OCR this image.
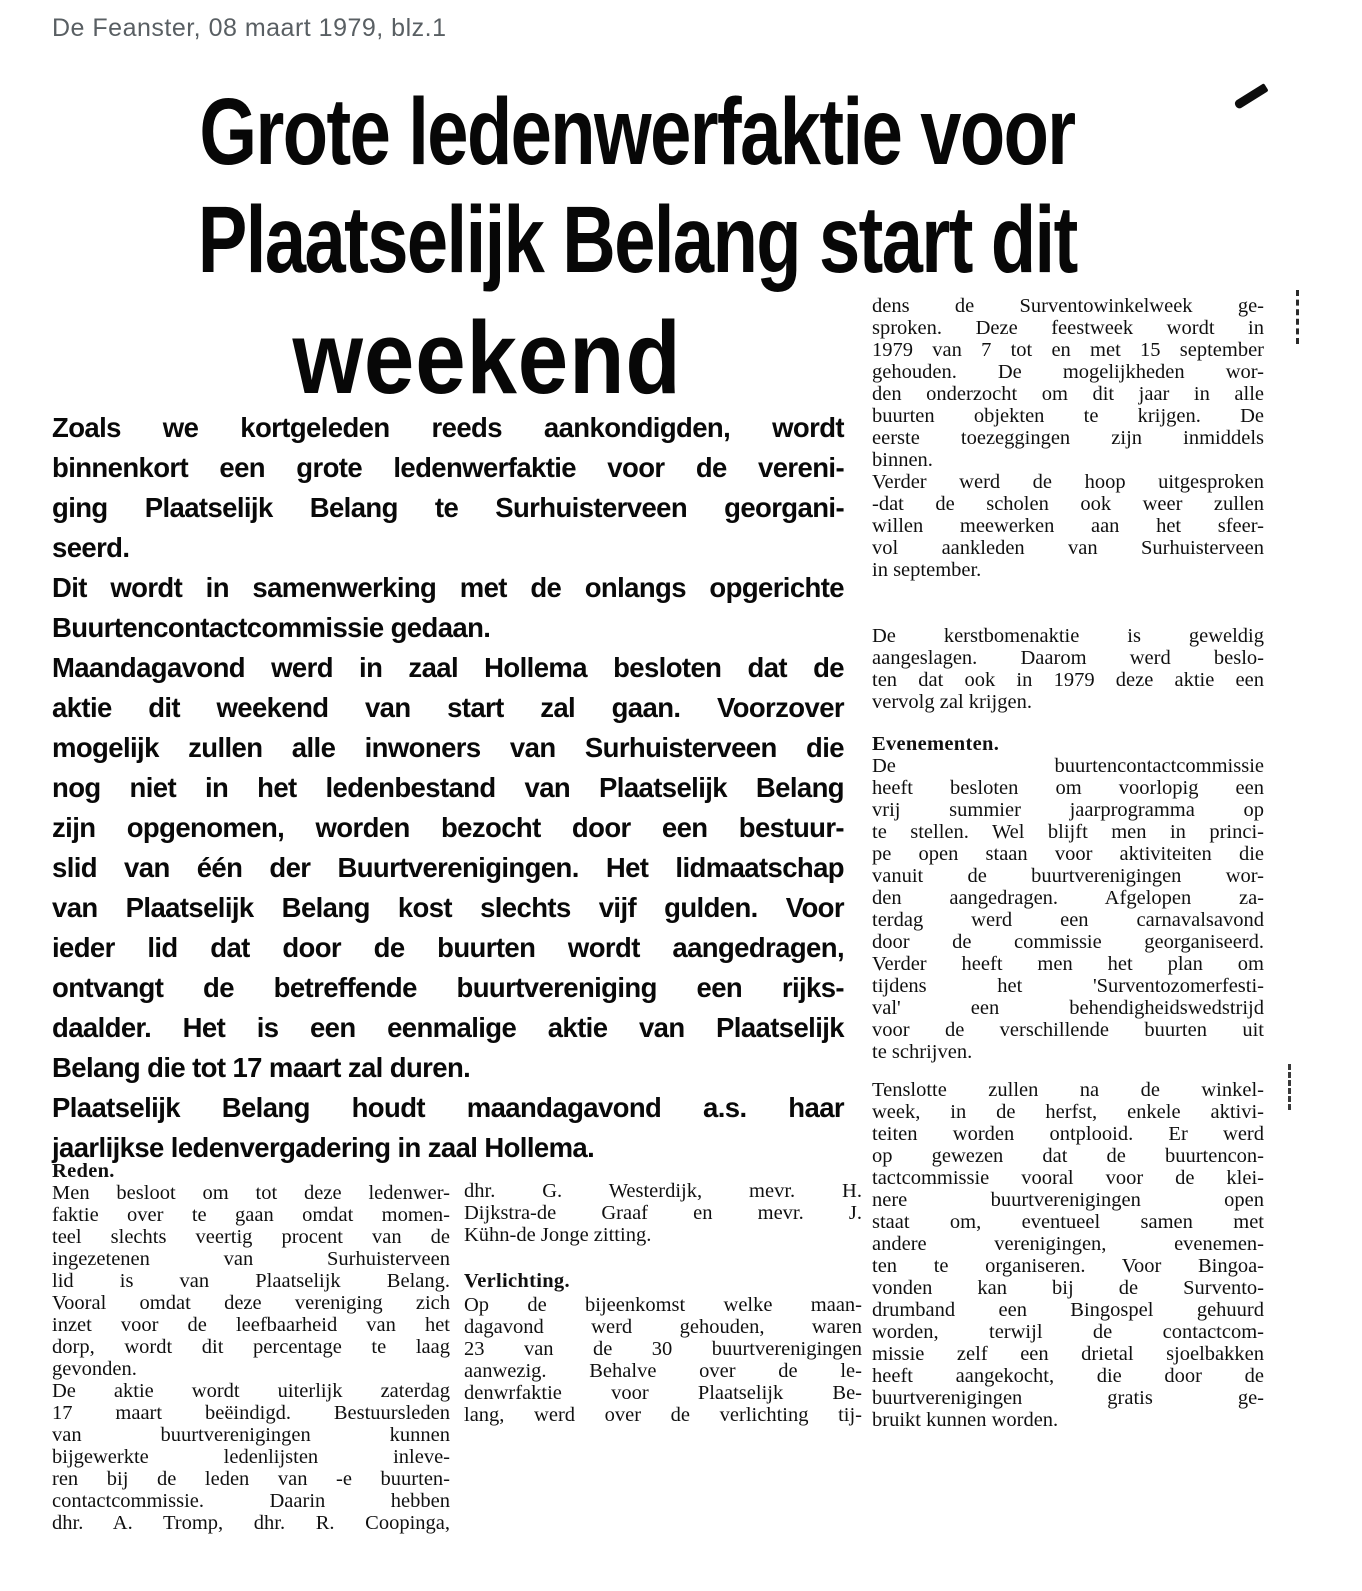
De Feanster, 08 maart 1979, blz.1
Grote ledenwerfaktie voor
Plaatselijk Belang start dit
weekend
Zoals we kortgeleden reeds aankondigden, wordt
binnenkort een grote ledenwerfaktie voor de vereni-
ging Plaatselijk Belang te Surhuisterveen georgani-
seerd.
Dit wordt in samenwerking met de onlangs opgerichte
Buurtencontactcommissie gedaan.
Maandagavond werd in zaal Hollema besloten dat de
aktie dit weekend van start zal gaan. Voorzover
mogelijk zullen alle inwoners van Surhuisterveen die
nog niet in het ledenbestand van Plaatselijk Belang
zijn opgenomen, worden bezocht door een bestuur-
slid van één der Buurtverenigingen. Het lidmaatschap
van Plaatselijk Belang kost slechts vijf gulden. Voor
ieder lid dat door de buurten wordt aangedragen,
ontvangt de betreffende buurtvereniging een rijks-
daalder. Het is een eenmalige aktie van Plaatselijk
Belang die tot 17 maart zal duren.
Plaatselijk Belang houdt maandagavond a.s. haar
jaarlijkse ledenvergadering in zaal Hollema.
Reden.
Men besloot om tot deze ledenwer-
faktie over te gaan omdat momen-
teel slechts veertig procent van de
ingezetenen van Surhuisterveen
lid is van Plaatselijk Belang.
Vooral omdat deze vereniging zich
inzet voor de leefbaarheid van het
dorp, wordt dit percentage te laag
gevonden.
De aktie wordt uiterlijk zaterdag
17 maart beëindigd. Bestuursleden
van buurtverenigingen kunnen
bijgewerkte ledenlijsten inleve-
ren bij de leden van -e buurten-
contactcommissie. Daarin hebben
dhr. A. Tromp, dhr. R. Coopinga,
dhr. G. Westerdijk, mevr. H.
Dijkstra-de Graaf en mevr. J.
Kühn-de Jonge zitting.
Verlichting.
Op de bijeenkomst welke maan-
dagavond werd gehouden, waren
23 van de 30 buurtverenigingen
aanwezig. Behalve over de le-
denwrfaktie voor Plaatselijk Be-
lang, werd over de verlichting tij-
dens de Surventowinkelweek ge-
sproken. Deze feestweek wordt in
1979 van 7 tot en met 15 september
gehouden. De mogelijkheden wor-
den onderzocht om dit jaar in alle
buurten objekten te krijgen. De
eerste toezeggingen zijn inmiddels
binnen.
Verder werd de hoop uitgesproken
-dat de scholen ook weer zullen
willen meewerken aan het sfeer-
vol aankleden van Surhuisterveen
in september.
De kerstbomenaktie is geweldig
aangeslagen. Daarom werd beslo-
ten dat ook in 1979 deze aktie een
vervolg zal krijgen.
Evenementen.
De buurtencontactcommissie
heeft besloten om voorlopig een
vrij summier jaarprogramma op
te stellen. Wel blijft men in princi-
pe open staan voor aktiviteiten die
vanuit de buurtverenigingen wor-
den aangedragen. Afgelopen za-
terdag werd een carnavalsavond
door de commissie georganiseerd.
Verder heeft men het plan om
tijdens het 'Surventozomerfesti-
val' een behendigheidswedstrijd
voor de verschillende buurten uit
te schrijven.
Tenslotte zullen na de winkel-
week, in de herfst, enkele aktivi-
teiten worden ontplooid. Er werd
op gewezen dat de buurtencon-
tactcommissie vooral voor de klei-
nere buurtverenigingen open
staat om, eventueel samen met
andere verenigingen, evenemen-
ten te organiseren. Voor Bingoa-
vonden kan bij de Survento-
drumband een Bingospel gehuurd
worden, terwijl de contactcom-
missie zelf een drietal sjoelbakken
heeft aangekocht, die door de
buurtverenigingen gratis ge-
bruikt kunnen worden.
